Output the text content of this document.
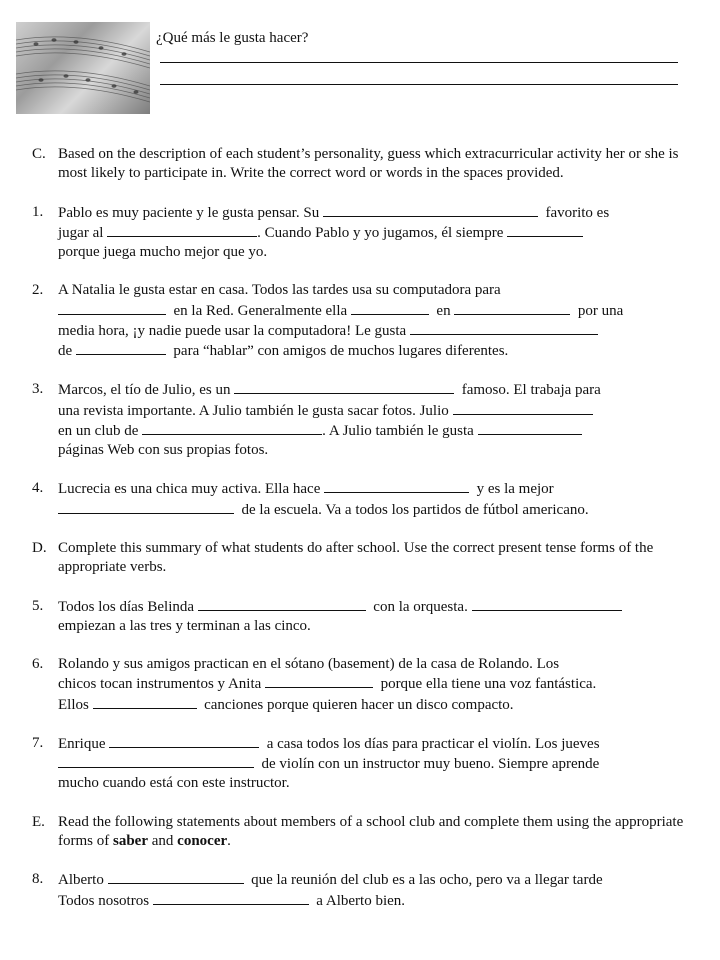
¿Qué más le gusta hacer?
C. Based on the description of each student’s personality, guess which extracurricular activity her or she is most likely to participate in. Write the correct word or words in the spaces provided.
1. Pablo es muy paciente y le gusta pensar. Su	favorito es
jugar al	. Cuando Pablo y yo jugamos, él siempre
porque juega mucho mejor que yo.
2. A Natalia le gusta estar en casa. Todos las tardes usa su computadora para
en la Red. Generalmente ella	en	por una
media hora, ¡y nadie puede usar la computadora! Le gusta
de	para “hablar” con amigos de muchos lugares diferentes.
3. Marcos, el tío de Julio, es un	famoso. El trabaja para
una revista importante. A Julio también le gusta sacar fotos. Julio
en un club de	. A Julio también le gusta
páginas Web con sus propias fotos.
4. Lucrecia es una chica muy activa. Ella hace	y es la mejor
de la escuela. Va a todos los partidos de fútbol americano.
D. Complete this summary of what students do after school. Use the correct present tense forms of the appropriate verbs.
5. Todos los días Belinda	con la orquesta.
empiezan a las tres y terminan a las cinco.
6. Rolando y sus amigos practican en el sótano (basement) de la casa de Rolando. Los
chicos tocan instrumentos y Anita	porque ella tiene una voz fantástica.
Ellos	canciones porque quieren hacer un disco compacto.
7. Enrique	a casa todos los días para practicar el violín. Los jueves
de violín con un instructor muy bueno. Siempre aprende
mucho cuando está con este instructor.
E. Read the following statements about members of a school club and complete them using the appropriate forms of saber and conocer.
8. Alberto	que la reunión del club es a las ocho, pero va a llegar tarde
Todos nosotros	a Alberto bien.
